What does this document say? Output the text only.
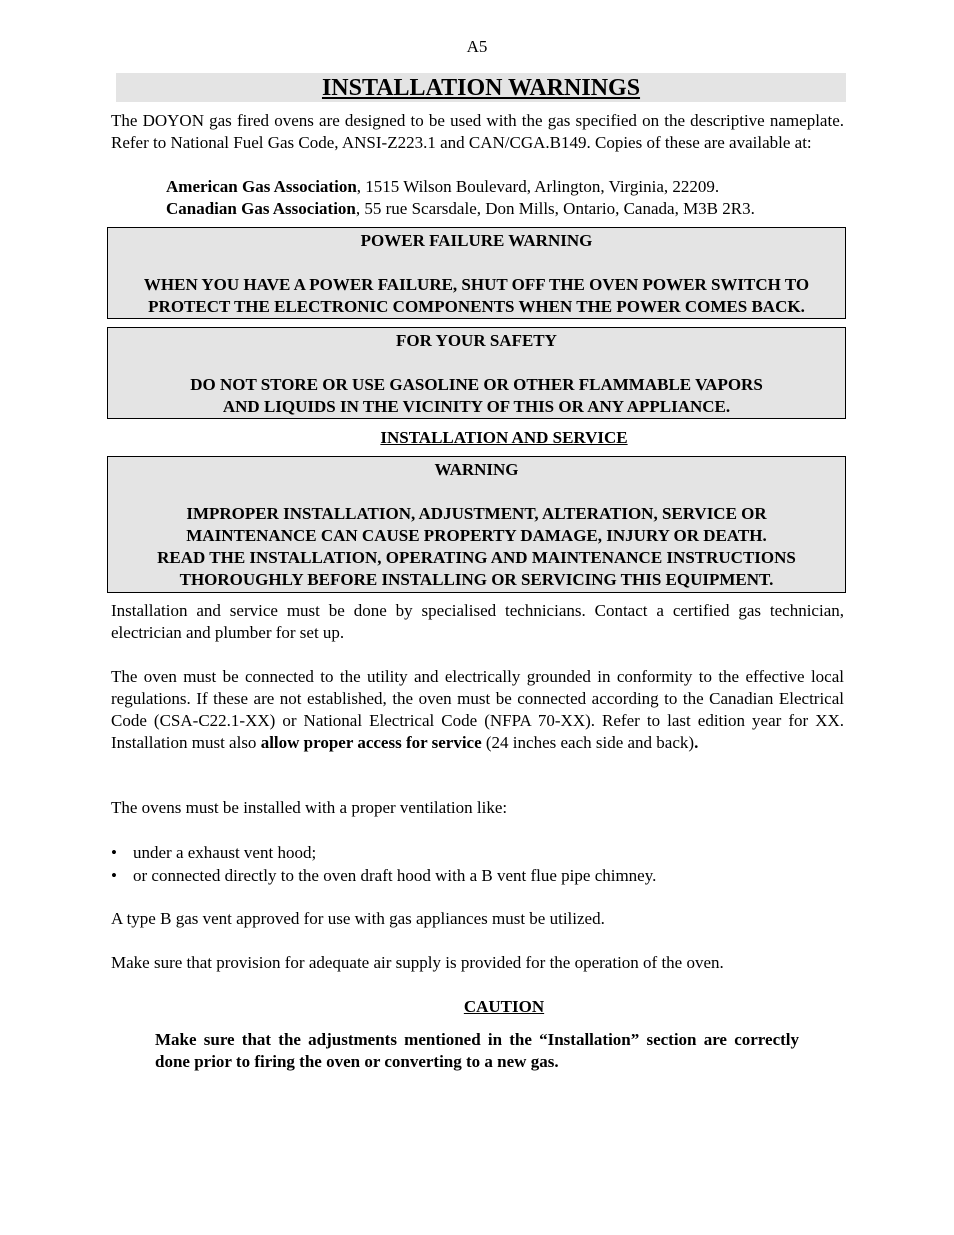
A5
INSTALLATION WARNINGS
The DOYON gas fired ovens are designed to be used with the gas specified on the descriptive nameplate. Refer to National Fuel Gas Code, ANSI-Z223.1 and CAN/CGA.B149. Copies of these are available at:
American Gas Association, 1515 Wilson Boulevard, Arlington, Virginia, 22209.
Canadian Gas Association, 55 rue Scarsdale, Don Mills, Ontario, Canada, M3B 2R3.
POWER FAILURE WARNING
WHEN YOU HAVE A POWER FAILURE, SHUT OFF THE OVEN POWER SWITCH TO
PROTECT THE ELECTRONIC COMPONENTS WHEN THE POWER COMES BACK.
FOR YOUR SAFETY
DO NOT STORE OR USE GASOLINE OR OTHER FLAMMABLE VAPORS
AND LIQUIDS IN THE VICINITY OF THIS OR ANY APPLIANCE.
INSTALLATION AND SERVICE
WARNING
IMPROPER INSTALLATION, ADJUSTMENT, ALTERATION, SERVICE OR
MAINTENANCE CAN CAUSE PROPERTY DAMAGE, INJURY OR DEATH.
READ THE INSTALLATION, OPERATING AND MAINTENANCE INSTRUCTIONS
THOROUGHLY BEFORE INSTALLING OR SERVICING THIS EQUIPMENT.
Installation and service must be done by specialised technicians. Contact a certified gas technician, electrician and plumber for set up.
The oven must be connected to the utility and electrically grounded in conformity to the effective local regulations. If these are not established, the oven must be connected according to the Canadian Electrical Code (CSA-C22.1-XX) or National Electrical Code (NFPA 70-XX). Refer to last edition year for XX. Installation must also allow proper access for service (24 inches each side and back).
The ovens must be installed with a proper ventilation like:
• under a exhaust vent hood;
• or connected directly to the oven draft hood with a B vent flue pipe chimney.
A type B gas vent approved for use with gas appliances must be utilized.
Make sure that provision for adequate air supply is provided for the operation of the oven.
CAUTION
Make sure that the adjustments mentioned in the “Installation” section are correctly done prior to firing the oven or converting to a new gas.
